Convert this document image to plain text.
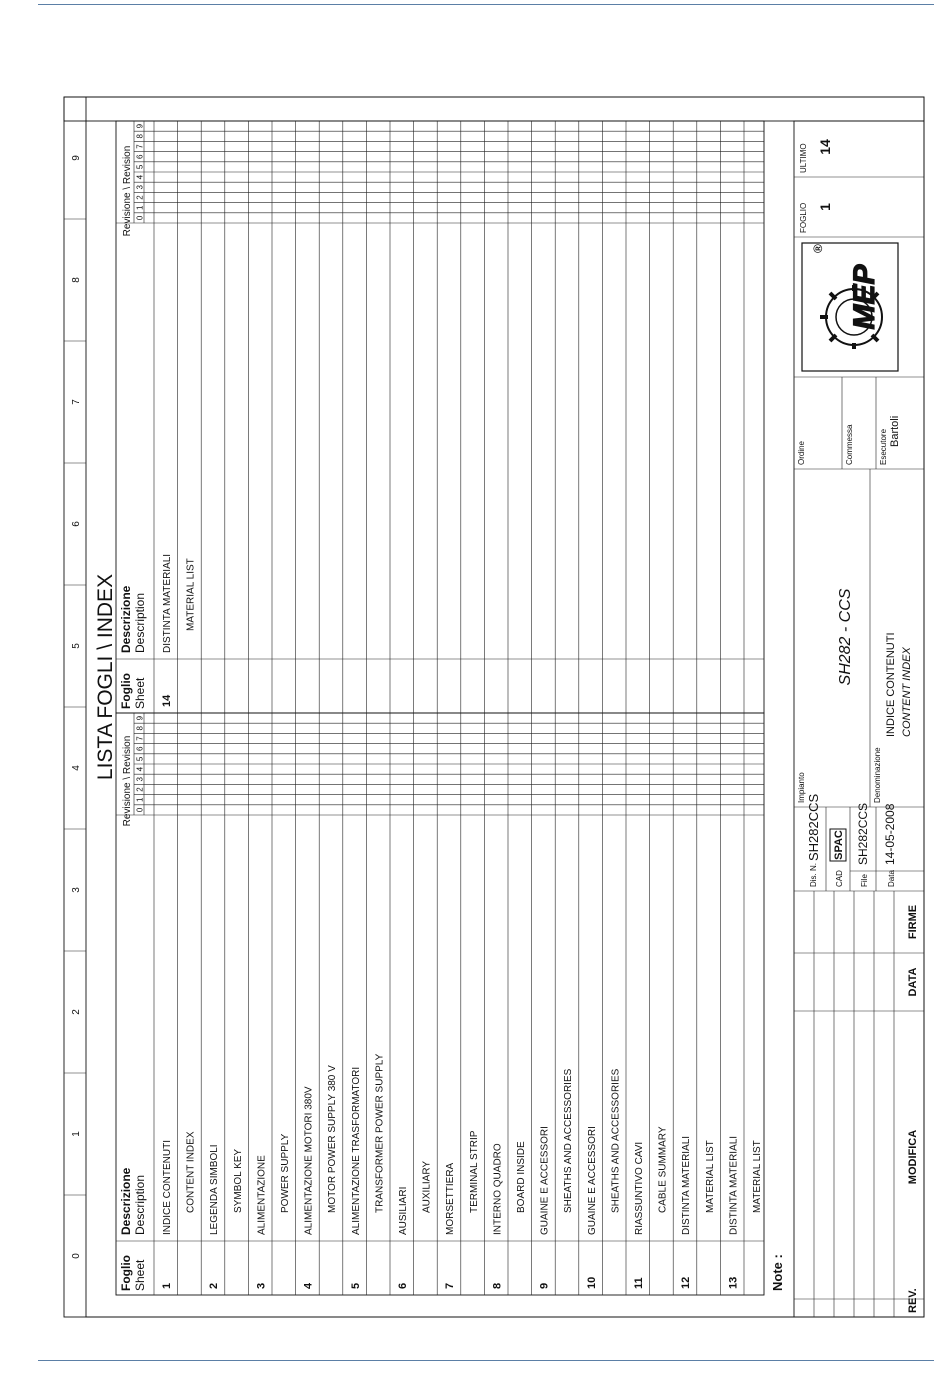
0
1
2
3
4
5
6
7
8
9
LISTA FOGLI \ INDEX
Foglio Sheet
Descrizione Description
Revisione \ Revision 0
1
2
3
4
5
6
7
8
9
1
INDICE CONTENUTI CONTENT INDEX
2
LEGENDA SIMBOLI SYMBOL KEY
3
ALIMENTAZIONE POWER SUPPLY
4
ALIMENTAZIONE MOTORI 380V MOTOR POWER SUPPLY 380 V
5
ALIMENTAZIONE TRASFORMATORI TRANSFORMER POWER SUPPLY
6
AUSILIARI AUXILIARY
7
MORSETTIERA TERMINAL STRIP
8
INTERNO QUADRO BOARD INSIDE
9
GUAINE E ACCESSORI SHEATHS AND ACCESSORIES
10
GUAINE E ACCESSORI SHEATHS AND ACCESSORIES
11
RIASSUNTIVO CAVI CABLE SUMMARY
12
DISTINTA MATERIALI MATERIAL LIST
13
DISTINTA MATERIALI MATERIAL LIST
Foglio Sheet
Descrizione Description
Revisione \ Revision 0
1
2
3
4
5
6
7
8
9
14
DISTINTA MATERIALI MATERIAL LIST
Note :
REV.
MODIFICA
DATA
FIRME
Dis. N.
SH282CCS
CAD
SPAC
File
SH282CCS
Data
14-05-2008
Impianto
SH282 - CCS
Denominazione
INDICE CONTENUTI CONTENT INDEX
Ordine	Commessa	Esecutore Bartoli
MEP
®
FOGLIO 1
ULTIMO 14
